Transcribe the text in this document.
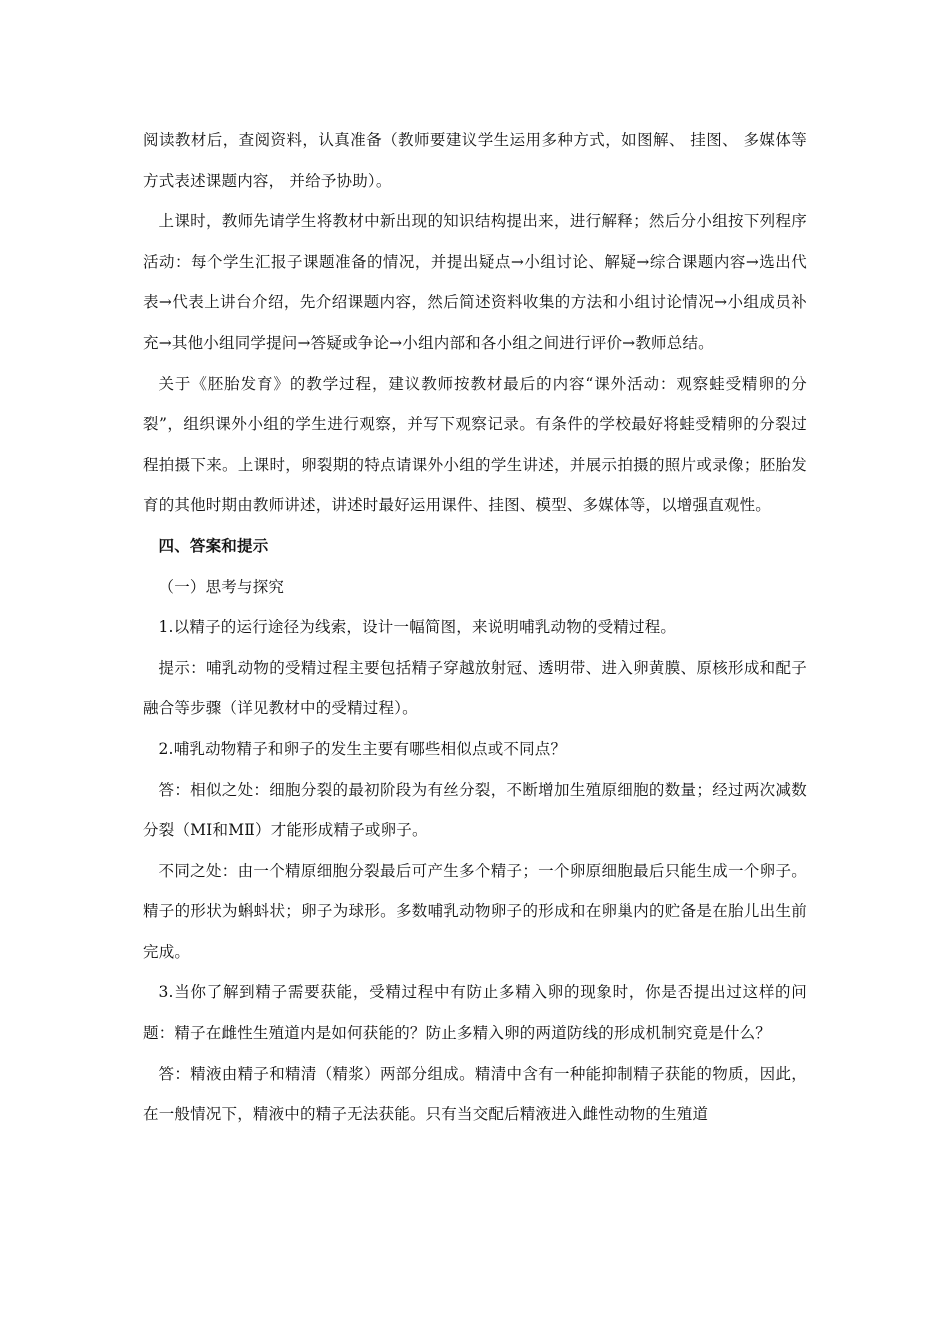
阅读教材后，查阅资料，认真准备（教师要建议学生运用多种方式，如图解、 挂图、 多媒体等方式表述课题内容， 并给予协助）。

上课时，教师先请学生将教材中新出现的知识结构提出来，进行解释；然后分小组按下列程序活动：每个学生汇报子课题准备的情况，并提出疑点→小组讨论、解疑→综合课题内容→选出代表→代表上讲台介绍，先介绍课题内容，然后简述资料收集的方法和小组讨论情况→小组成员补充→其他小组同学提问→答疑或争论→小组内部和各小组之间进行评价→教师总结。

关于《胚胎发育》的教学过程，建议教师按教材最后的内容“课外活动：观察蛙受精卵的分裂”，组织课外小组的学生进行观察，并写下观察记录。有条件的学校最好将蛙受精卵的分裂过程拍摄下来。上课时，卵裂期的特点请课外小组的学生讲述，并展示拍摄的照片或录像；胚胎发育的其他时期由教师讲述，讲述时最好运用课件、挂图、模型、多媒体等，以增强直观性。

四、答案和提示

（一）思考与探究

1.以精子的运行途径为线索，设计一幅简图，来说明哺乳动物的受精过程。

提示：哺乳动物的受精过程主要包括精子穿越放射冠、透明带、进入卵黄膜、原核形成和配子融合等步骤（详见教材中的受精过程）。

2.哺乳动物精子和卵子的发生主要有哪些相似点或不同点？

答：相似之处：细胞分裂的最初阶段为有丝分裂，不断增加生殖原细胞的数量；经过两次减数分裂（MⅠ和MⅡ）才能形成精子或卵子。

不同之处：由一个精原细胞分裂最后可产生多个精子；一个卵原细胞最后只能生成一个卵子。精子的形状为蝌蚪状；卵子为球形。多数哺乳动物卵子的形成和在卵巢内的贮备是在胎儿出生前完成。

3.当你了解到精子需要获能，受精过程中有防止多精入卵的现象时，你是否提出过这样的问题：精子在雌性生殖道内是如何获能的？防止多精入卵的两道防线的形成机制究竟是什么？

答：精液由精子和精清（精浆）两部分组成。精清中含有一种能抑制精子获能的物质，因此，在一般情况下，精液中的精子无法获能。只有当交配后精液进入雌性动物的生殖道
